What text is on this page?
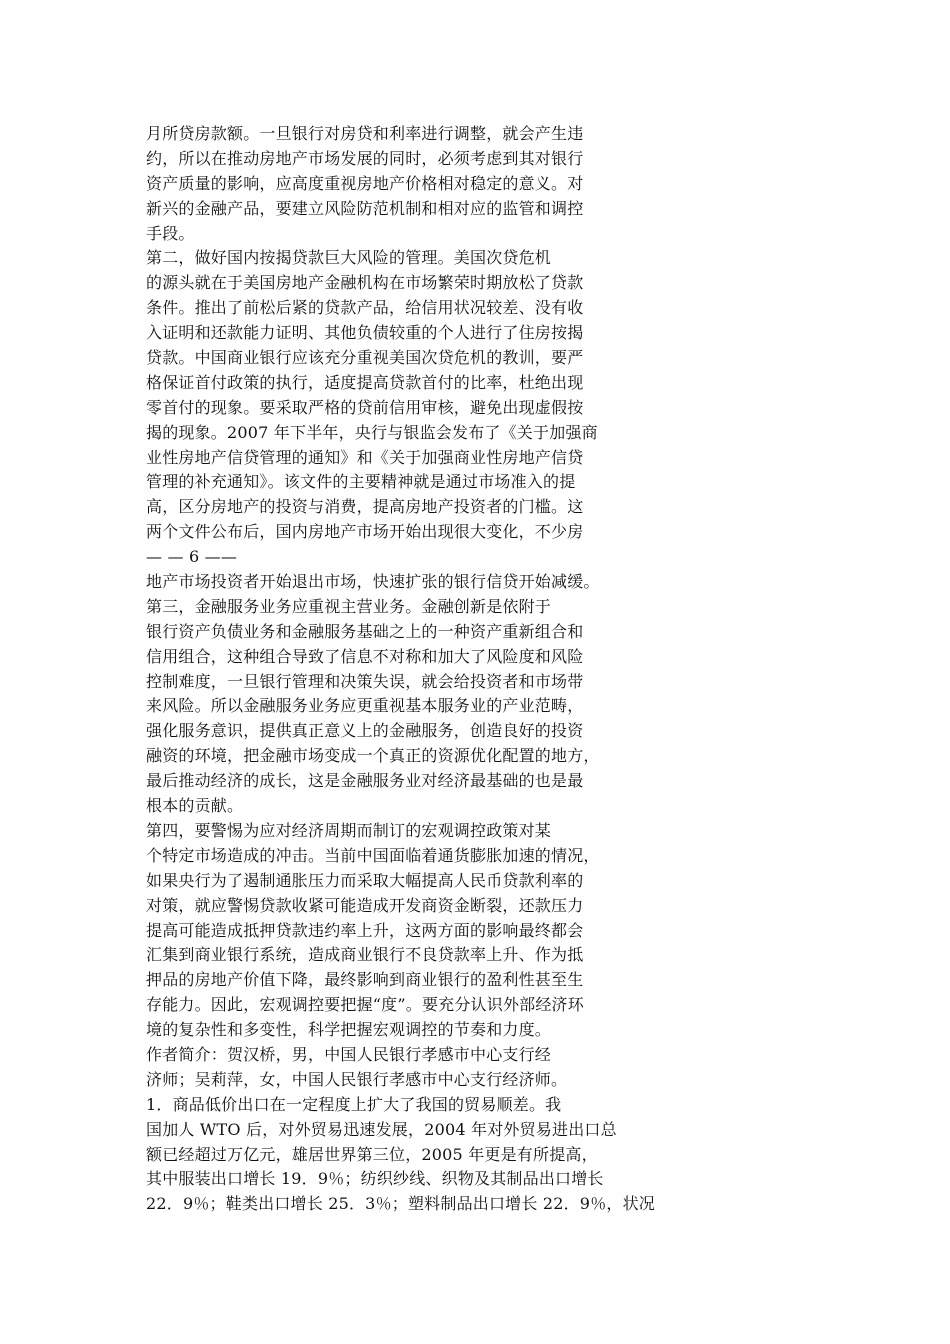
月所贷房款额。一旦银行对房贷和利率进行调整，就会产生违
约，所以在推动房地产市场发展的同时，必须考虑到其对银行
资产质量的影响，应高度重视房地产价格相对稳定的意义。对
新兴的金融产品，要建立风险防范机制和相对应的监管和调控
手段。
第二，做好国内按揭贷款巨大风险的管理。美国次贷危机
的源头就在于美国房地产金融机构在市场繁荣时期放松了贷款
条件。推出了前松后紧的贷款产品，给信用状况较差、没有收
入证明和还款能力证明、其他负债较重的个人进行了住房按揭
贷款。中国商业银行应该充分重视美国次贷危机的教训，要严
格保证首付政策的执行，适度提高贷款首付的比率，杜绝出现
零首付的现象。要采取严格的贷前信用审核，避免出现虚假按
揭的现象。2007 年下半年，央行与银监会发布了《关于加强商
业性房地产信贷管理的通知》和《关于加强商业性房地产信贷
管理的补充通知》。该文件的主要精神就是通过市场准入的提
高，区分房地产的投资与消费，提高房地产投资者的门槛。这
两个文件公布后，国内房地产市场开始出现很大变化，不少房
— — 6 ——
地产市场投资者开始退出市场，快速扩张的银行信贷开始减缓。
第三，金融服务业务应重视主营业务。金融创新是依附于
银行资产负债业务和金融服务基础之上的一种资产重新组合和
信用组合，这种组合导致了信息不对称和加大了风险度和风险
控制难度，一旦银行管理和决策失误，就会给投资者和市场带
来风险。所以金融服务业务应更重视基本服务业的产业范畴，
强化服务意识，提供真正意义上的金融服务，创造良好的投资
融资的环境，把金融市场变成一个真正的资源优化配置的地方，
最后推动经济的成长，这是金融服务业对经济最基础的也是最
根本的贡献。
第四，要警惕为应对经济周期而制订的宏观调控政策对某
个特定市场造成的冲击。当前中国面临着通货膨胀加速的情况，
如果央行为了遏制通胀压力而采取大幅提高人民币贷款利率的
对策，就应警惕贷款收紧可能造成开发商资金断裂，还款压力
提高可能造成抵押贷款违约率上升，这两方面的影响最终都会
汇集到商业银行系统，造成商业银行不良贷款率上升、作为抵
押品的房地产价值下降，最终影响到商业银行的盈利性甚至生
存能力。因此，宏观调控要把握“度”。要充分认识外部经济环
境的复杂性和多变性，科学把握宏观调控的节奏和力度。
作者简介：贺汉桥，男，中国人民银行孝感市中心支行经
济师；吴莉萍，女，中国人民银行孝感市中心支行经济师。
1．商品低价出口在一定程度上扩大了我国的贸易顺差。我
国加人 WTO 后，对外贸易迅速发展，2004 年对外贸易进出口总
额已经超过万亿元，雄居世界第三位，2005 年更是有所提高，
其中服装出口增长 19．9％；纺织纱线、织物及其制品出口增长
22．9％；鞋类出口增长 25．3％；塑料制品出口增长 22．9％，状况
